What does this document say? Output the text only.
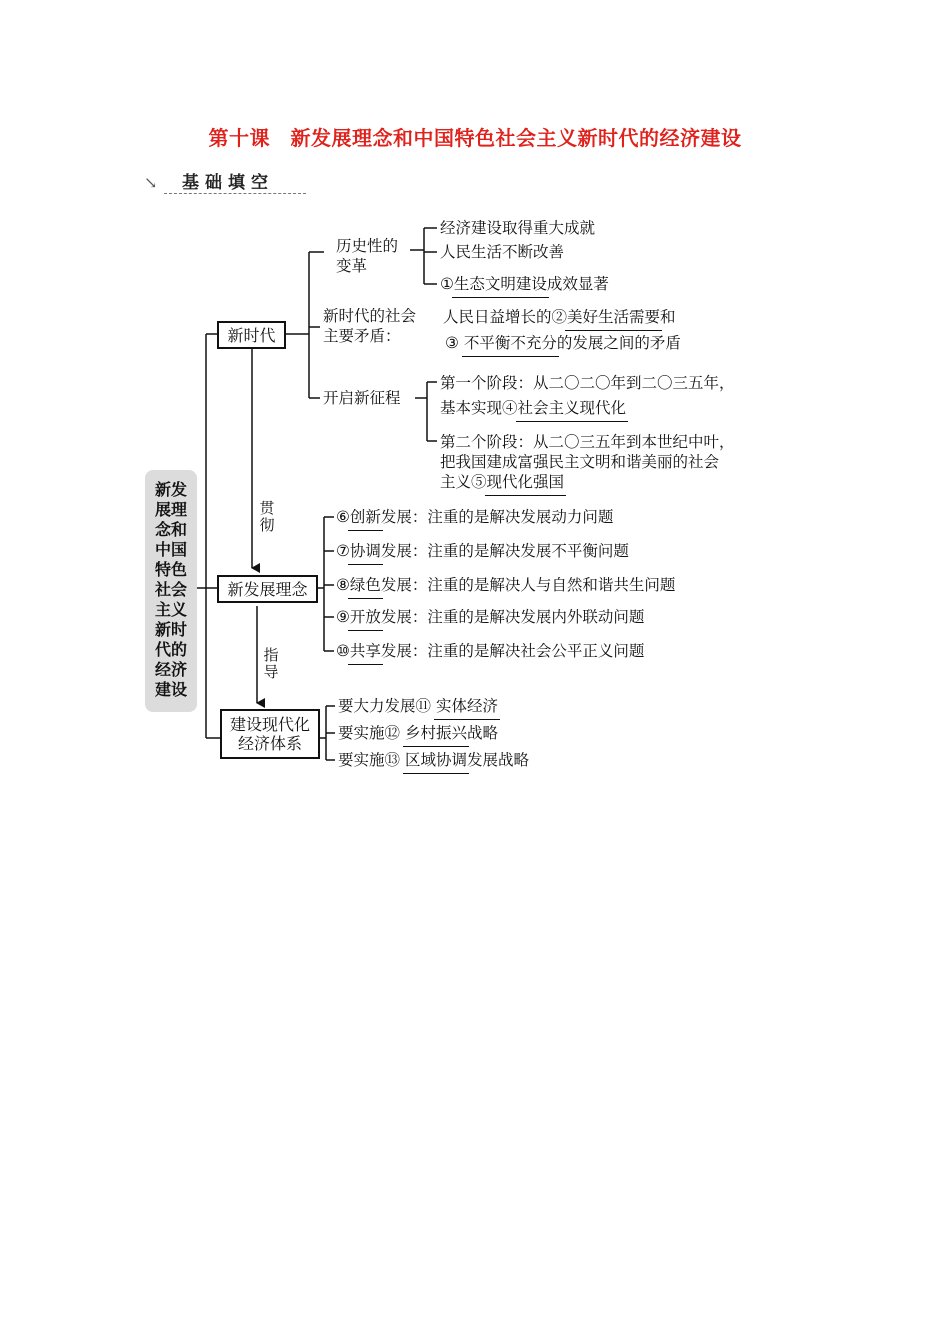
第十课　新发展理念和中国特色社会主义新时代的经济建设
↘ 基础填空
新发
展理
念和
中国
特色
社会
主义
新时
代的
经济
建设
新时代
新发展理念
建设现代化
经济体系
贯
彻
指
导
历史性的
变革
经济建设取得重大成就
人民生活不断改善
①生态文明建设成效显著
新时代的社会
主要矛盾：
人民日益增长的②美好生活需要和
③ 不平衡不充分的发展之间的矛盾
开启新征程
第一个阶段：从二〇二〇年到二〇三五年，
基本实现④社会主义现代化
第二个阶段：从二〇三五年到本世纪中叶，
把我国建成富强民主文明和谐美丽的社会
主义⑤现代化强国
⑥创新发展：注重的是解决发展动力问题
⑦协调发展：注重的是解决发展不平衡问题
⑧绿色发展：注重的是解决人与自然和谐共生问题
⑨开放发展：注重的是解决发展内外联动问题
⑩共享发展：注重的是解决社会公平正义问题
要大力发展⑪ 实体经济
要实施⑫ 乡村振兴战略
要实施⑬ 区域协调发展战略
